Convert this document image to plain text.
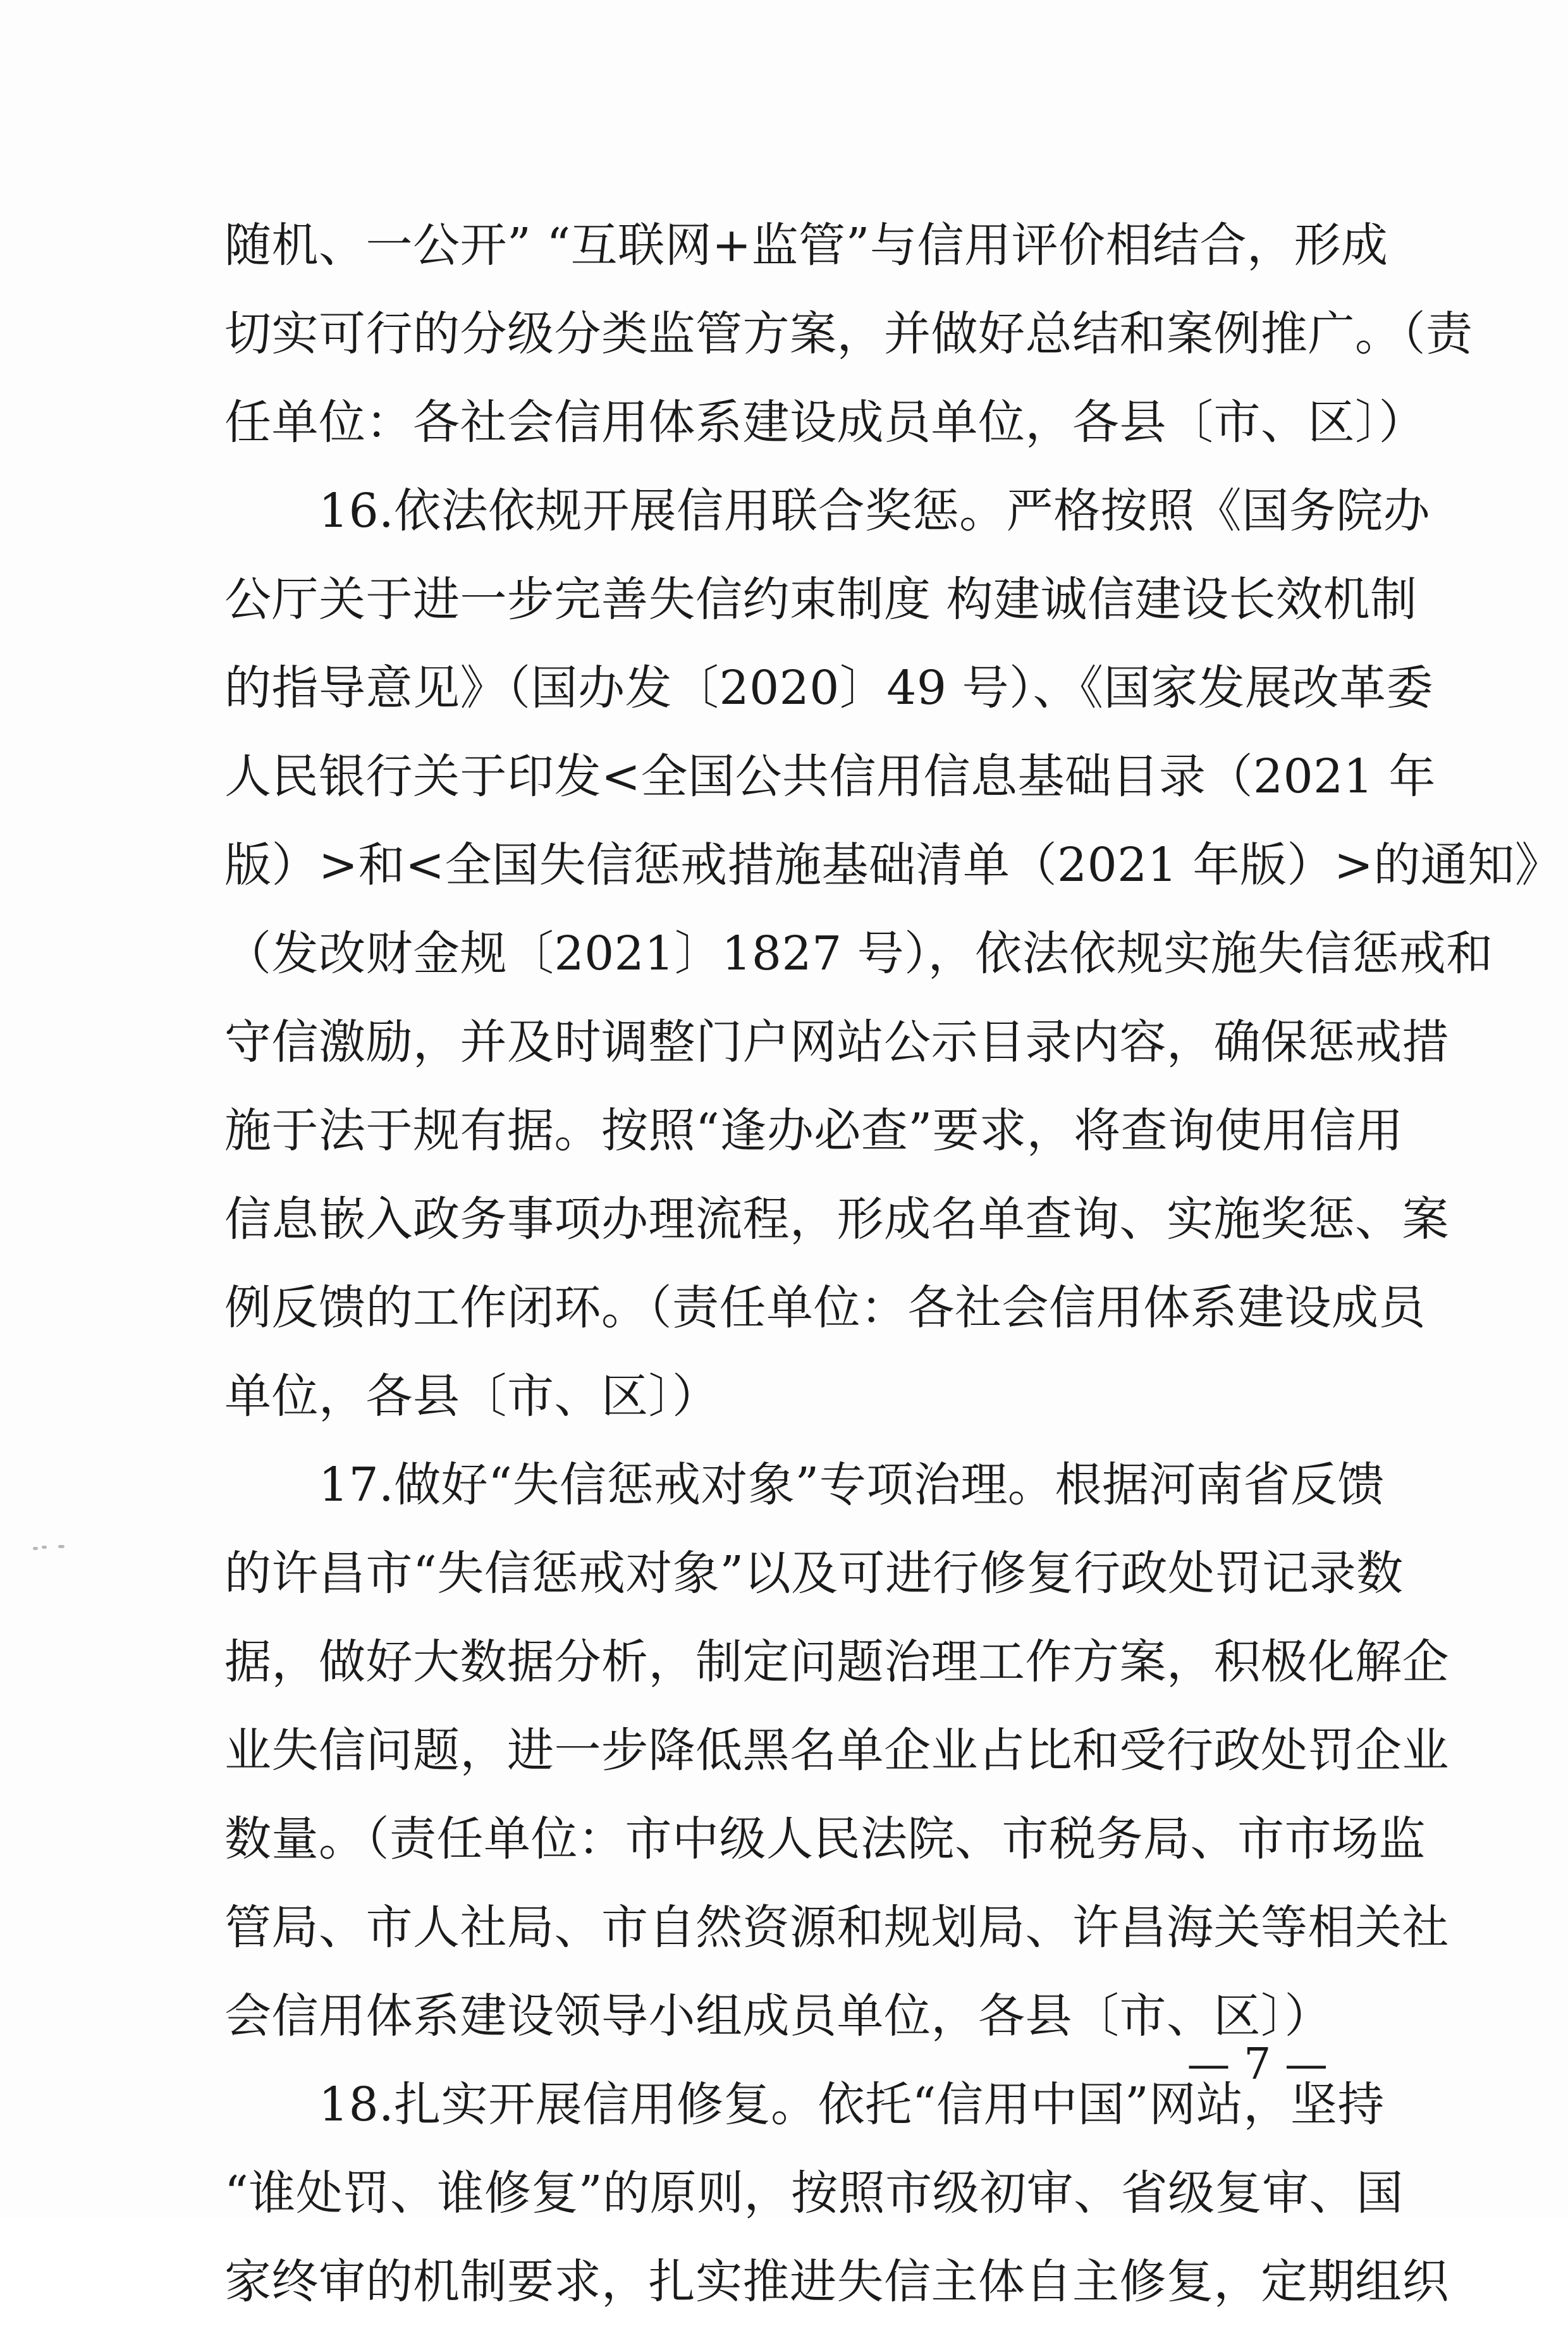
随机、一公开” “互联网+监管”与信用评价相结合，形成
切实可行的分级分类监管方案，并做好总结和案例推广。（责
任单位：各社会信用体系建设成员单位，各县〔市、区〕）
　　16.依法依规开展信用联合奖惩。严格按照《国务院办
公厅关于进一步完善失信约束制度 构建诚信建设长效机制
的指导意见》（国办发〔2020〕49 号）、《国家发展改革委
人民银行关于印发<全国公共信用信息基础目录（2021 年
版）>和<全国失信惩戒措施基础清单（2021 年版）>的通知》
（发改财金规〔2021〕1827 号），依法依规实施失信惩戒和
守信激励，并及时调整门户网站公示目录内容，确保惩戒措
施于法于规有据。按照“逢办必查”要求，将查询使用信用
信息嵌入政务事项办理流程，形成名单查询、实施奖惩、案
例反馈的工作闭环。（责任单位：各社会信用体系建设成员
单位，各县〔市、区〕）
　　17.做好“失信惩戒对象”专项治理。根据河南省反馈
的许昌市“失信惩戒对象”以及可进行修复行政处罚记录数
据，做好大数据分析，制定问题治理工作方案，积极化解企
业失信问题，进一步降低黑名单企业占比和受行政处罚企业
数量。（责任单位：市中级人民法院、市税务局、市市场监
管局、市人社局、市自然资源和规划局、许昌海关等相关社
会信用体系建设领导小组成员单位，各县〔市、区〕）
　　18.扎实开展信用修复。依托“信用中国”网站，坚持
“谁处罚、谁修复”的原则，按照市级初审、省级复审、国
家终审的机制要求，扎实推进失信主体自主修复，定期组织
— 7 —
